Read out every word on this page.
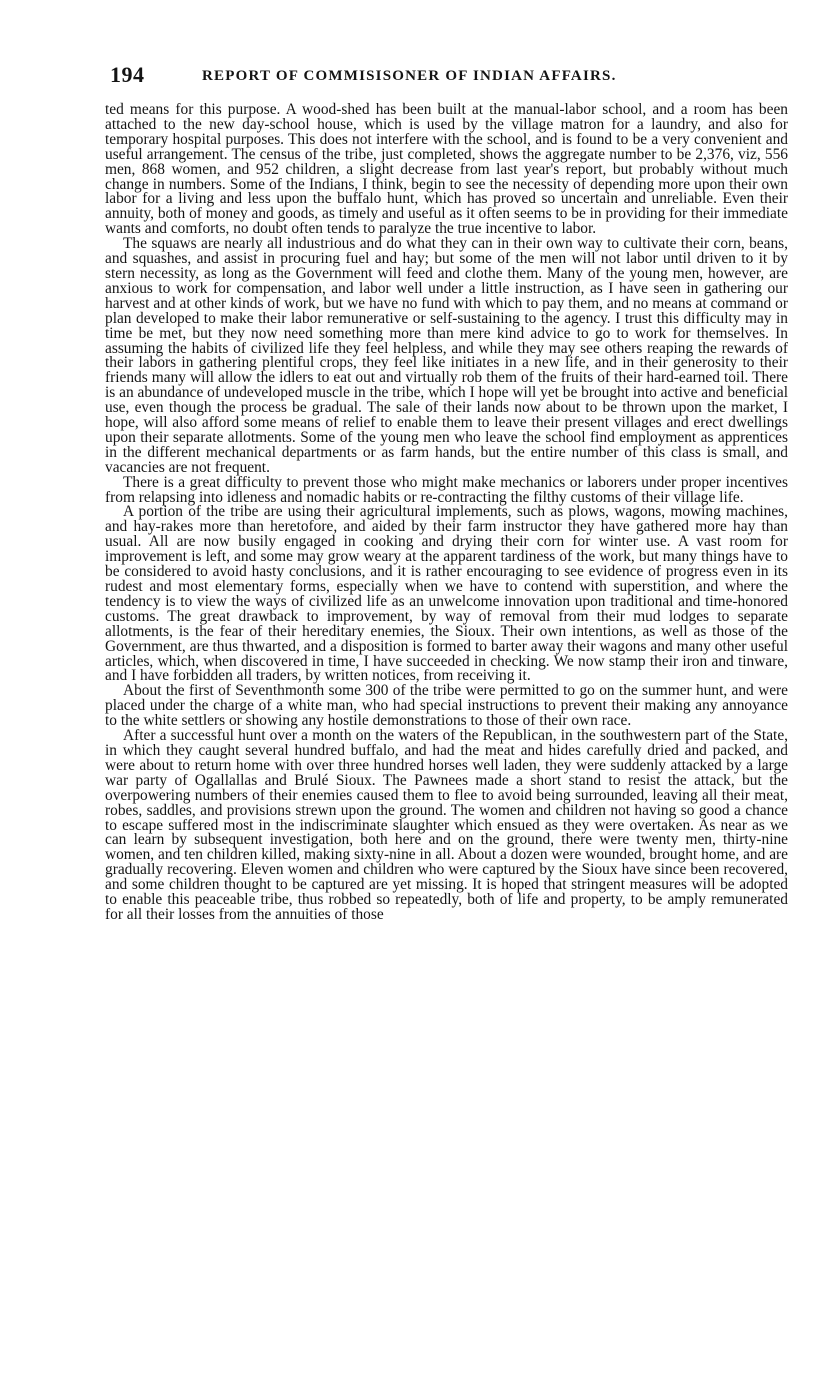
194	REPORT OF COMMISISONER OF INDIAN AFFAIRS.

ted means for this purpose. A wood-shed has been built at the manual-labor school, and a room has been attached to the new day-school house, which is used by the village matron for a laundry, and also for temporary hospital purposes. This does not interfere with the school, and is found to be a very convenient and useful arrangement. The census of the tribe, just completed, shows the aggregate number to be 2,376, viz, 556 men, 868 women, and 952 children, a slight decrease from last year's report, but probably without much change in numbers. Some of the Indians, I think, begin to see the necessity of depending more upon their own labor for a living and less upon the buffalo hunt, which has proved so uncertain and unreliable. Even their annuity, both of money and goods, as timely and useful as it often seems to be in providing for their immediate wants and comforts, no doubt often tends to paralyze the true incentive to labor.

The squaws are nearly all industrious and do what they can in their own way to cultivate their corn, beans, and squashes, and assist in procuring fuel and hay; but some of the men will not labor until driven to it by stern necessity, as long as the Government will feed and clothe them. Many of the young men, however, are anxious to work for compensation, and labor well under a little instruction, as I have seen in gathering our harvest and at other kinds of work, but we have no fund with which to pay them, and no means at command or plan developed to make their labor remunerative or self-sustaining to the agency. I trust this difficulty may in time be met, but they now need something more than mere kind advice to go to work for themselves. In assuming the habits of civilized life they feel helpless, and while they may see others reaping the rewards of their labors in gathering plentiful crops, they feel like initiates in a new life, and in their generosity to their friends many will allow the idlers to eat out and virtually rob them of the fruits of their hard-earned toil. There is an abundance of undeveloped muscle in the tribe, which I hope will yet be brought into active and beneficial use, even though the process be gradual. The sale of their lands now about to be thrown upon the market, I hope, will also afford some means of relief to enable them to leave their present villages and erect dwellings upon their separate allotments. Some of the young men who leave the school find employment as apprentices in the different mechanical departments or as farm hands, but the entire number of this class is small, and vacancies are not frequent.

There is a great difficulty to prevent those who might make mechanics or laborers under proper incentives from relapsing into idleness and nomadic habits or re-contracting the filthy customs of their village life.

A portion of the tribe are using their agricultural implements, such as plows, wagons, mowing machines, and hay-rakes more than heretofore, and aided by their farm instructor they have gathered more hay than usual. All are now busily engaged in cooking and drying their corn for winter use. A vast room for improvement is left, and some may grow weary at the apparent tardiness of the work, but many things have to be considered to avoid hasty conclusions, and it is rather encouraging to see evidence of progress even in its rudest and most elementary forms, especially when we have to contend with superstition, and where the tendency is to view the ways of civilized life as an unwelcome innovation upon traditional and time-honored customs. The great drawback to improvement, by way of removal from their mud lodges to separate allotments, is the fear of their hereditary enemies, the Sioux. Their own intentions, as well as those of the Government, are thus thwarted, and a disposition is formed to barter away their wagons and many other useful articles, which, when discovered in time, I have succeeded in checking. We now stamp their iron and tinware, and I have forbidden all traders, by written notices, from receiving it.

About the first of Seventhmonth some 300 of the tribe were permitted to go on the summer hunt, and were placed under the charge of a white man, who had special instructions to prevent their making any annoyance to the white settlers or showing any hostile demonstrations to those of their own race.

After a successful hunt over a month on the waters of the Republican, in the southwestern part of the State, in which they caught several hundred buffalo, and had the meat and hides carefully dried and packed, and were about to return home with over three hundred horses well laden, they were suddenly attacked by a large war party of Ogallallas and Brulé Sioux. The Pawnees made a short stand to resist the attack, but the overpowering numbers of their enemies caused them to flee to avoid being surrounded, leaving all their meat, robes, saddles, and provisions strewn upon the ground. The women and children not having so good a chance to escape suffered most in the indiscriminate slaughter which ensued as they were overtaken. As near as we can learn by subsequent investigation, both here and on the ground, there were twenty men, thirty-nine women, and ten children killed, making sixty-nine in all. About a dozen were wounded, brought home, and are gradually recovering. Eleven women and children who were captured by the Sioux have since been recovered, and some children thought to be captured are yet missing. It is hoped that stringent measures will be adopted to enable this peaceable tribe, thus robbed so repeatedly, both of life and property, to be amply remunerated for all their losses from the annuities of those
